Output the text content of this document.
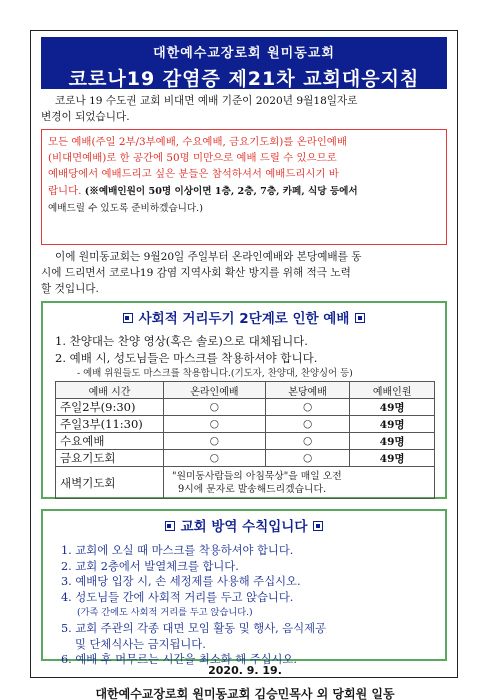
대한예수교장로회 원미동교회
코로나19 감염증 제21차 교회대응지침
코로나 19 수도권 교회 비대면 예배 기준이 2020년 9월18일자로
변경이 되었습니다.
모든 예배(주일 2부/3부예배, 수요예배, 금요기도회)를 온라인예배
(비대면예배)로 한 공간에 50명 미만으로 예배 드릴 수 있으므로
예배당에서 예배드리고 싶은 분들은 참석하셔서 예배드리시기 바
랍니다. (※예배인원이 50명 이상이면 1층, 2층, 7층, 카페, 식당 등에서
예배드릴 수 있도록 준비하겠습니다.)
이에 원미동교회는 9월20일 주일부터 온라인예배와 본당예배를 동
시에 드리면서 코로나19 감염 지역사회 확산 방지를 위해 적극 노력
할 것입니다.
사회적 거리두기 2단계로 인한 예배
1. 찬양대는 찬양 영상(혹은 솔로)으로 대체됩니다.
2. 예배 시, 성도님들은 마스크를 착용하셔야 합니다.
- 예배 위원들도 마스크를 착용합니다.(기도자, 찬양대, 찬양싱어 등)
예배 시간	온라인예배	본당예배	예배인원
주일2부(9:30)	○	○	49명
주일3부(11:30)	○	○	49명
수요예배	○	○	49명
금요기도회	○	○	49명
새벽기도회	"원미동사람들의 아침묵상"을 매일 오전
9시에 문자로 발송해드리겠습니다.		
교회 방역 수칙입니다
1. 교회에 오실 때 마스크를 착용하셔야 합니다.
2. 교회 2층에서 발열체크를 합니다.
3. 예배당 입장 시, 손 세정제를 사용해 주십시오.
4. 성도님들 간에 사회적 거리를 두고 앉습니다.
(가족 간에도 사회적 거리를 두고 앉습니다.)
5. 교회 주관의 각종 대면 모임 활동 및 행사, 음식제공
및 단체식사는 금지됩니다.
6. 예배 후 머무르는 시간을 최소화 해 주십시오.
2020. 9. 19.
대한예수교장로회 원미동교회 김승민목사 외 당회원 일동
